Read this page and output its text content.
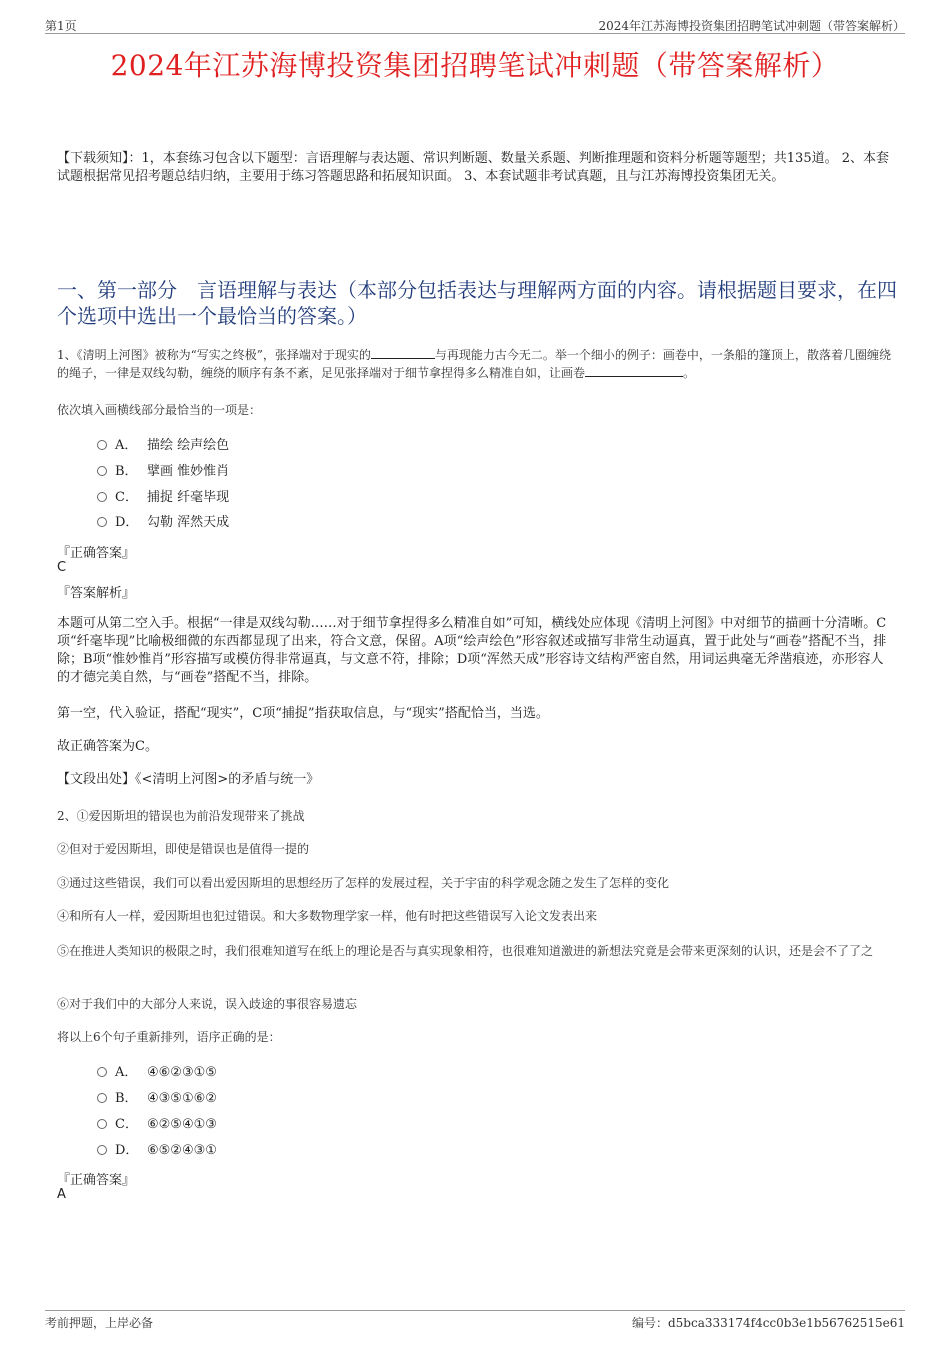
第1页	2024年江苏海博投资集团招聘笔试冲刺题（带答案解析）
2024年江苏海博投资集团招聘笔试冲刺题（带答案解析）
【下载须知】：1，本套练习包含以下题型：言语理解与表达题、常识判断题、数量关系题、判断推理题和资料分析题等题型；共135道。 2、本套试题根据常见招考题总结归纳，主要用于练习答题思路和拓展知识面。 3、本套试题非考试真题，且与江苏海博投资集团无关。
一、第一部分　言语理解与表达（本部分包括表达与理解两方面的内容。请根据题目要求，在四个选项中选出一个最恰当的答案。）
1、《清明上河图》被称为“写实之终极”，张择端对于现实的	与再现能力古今无二。举一个细小的例子：画卷中，一条船的篷顶上，散落着几圈缠绕的绳子，一律是双线勾勒，缠绕的顺序有条不紊，足见张择端对于细节拿捏得多么精准自如，让画卷	。
依次填入画横线部分最恰当的一项是：
A． 描绘 绘声绘色
B． 擘画 惟妙惟肖
C． 捕捉 纤毫毕现
D． 勾勒 浑然天成
『正确答案』
C
『答案解析』
本题可从第二空入手。根据“一律是双线勾勒……对于细节拿捏得多么精准自如”可知，横线处应体现《清明上河图》中对细节的描画十分清晰。C项“纤毫毕现”比喻极细微的东西都显现了出来，符合文意，保留。A项“绘声绘色”形容叙述或描写非常生动逼真，置于此处与“画卷”搭配不当，排除；B项“惟妙惟肖”形容描写或模仿得非常逼真，与文意不符，排除；D项“浑然天成”形容诗文结构严密自然，用词运典毫无斧凿痕迹，亦形容人的才德完美自然，与“画卷”搭配不当，排除。
第一空，代入验证，搭配“现实”，C项“捕捉”指获取信息，与“现实”搭配恰当，当选。
故正确答案为C。
【文段出处】《<清明上河图>的矛盾与统一》
2、①爱因斯坦的错误也为前沿发现带来了挑战
②但对于爱因斯坦，即使是错误也是值得一提的
③通过这些错误，我们可以看出爱因斯坦的思想经历了怎样的发展过程，关于宇宙的科学观念随之发生了怎样的变化
④和所有人一样，爱因斯坦也犯过错误。和大多数物理学家一样，他有时把这些错误写入论文发表出来
⑤在推进人类知识的极限之时，我们很难知道写在纸上的理论是否与真实现象相符，也很难知道激进的新想法究竟是会带来更深刻的认识，还是会不了了之
⑥对于我们中的大部分人来说，误入歧途的事很容易遗忘
将以上6个句子重新排列，语序正确的是：
A． ④⑥②③①⑤
B． ④③⑤①⑥②
C． ⑥②⑤④①③
D． ⑥⑤②④③①
『正确答案』
A
考前押题，上岸必备	编号：d5bca333174f4cc0b3e1b56762515e61
